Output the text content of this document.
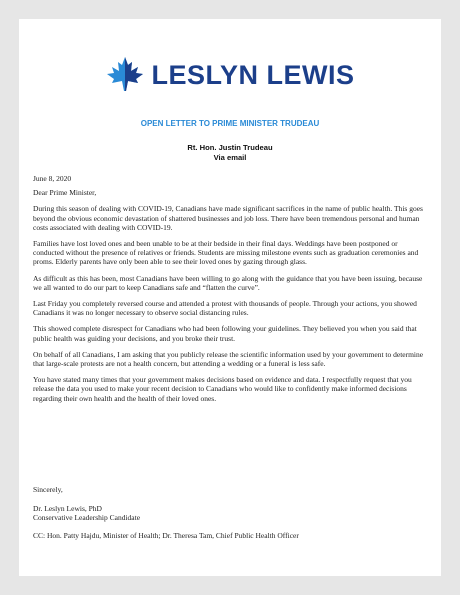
LESLYN LEWIS
OPEN LETTER TO PRIME MINISTER TRUDEAU
Rt. Hon. Justin Trudeau
Via email

June 8, 2020

Dear Prime Minister,

During this season of dealing with COVID-19, Canadians have made significant sacrifices in the name of public health. This goes beyond the obvious economic devastation of shattered businesses and job loss. There have been tremendous personal and human costs associated with dealing with COVID-19.

Families have lost loved ones and been unable to be at their bedside in their final days. Weddings have been postponed or conducted without the presence of relatives or friends. Students are missing milestone events such as graduation ceremonies and proms. Elderly parents have only been able to see their loved ones by gazing through glass.

As difficult as this has been, most Canadians have been willing to go along with the guidance that you have been issuing, because we all wanted to do our part to keep Canadians safe and “flatten the curve”.

Last Friday you completely reversed course and attended a protest with thousands of people. Through your actions, you showed Canadians it was no longer necessary to observe social distancing rules.

This showed complete disrespect for Canadians who had been following your guidelines. They believed you when you said that public health was guiding your decisions, and you broke their trust.

On behalf of all Canadians, I am asking that you publicly release the scientific information used by your government to determine that large-scale protests are not a health concern, but attending a wedding or a funeral is less safe.

You have stated many times that your government makes decisions based on evidence and data. I respectfully request that you release the data you used to make your recent decision to Canadians who would like to confidently make informed decisions regarding their own health and the health of their loved ones.

Sincerely,

Dr. Leslyn Lewis, PhD

Conservative Leadership Candidate

CC: Hon. Patty Hajdu, Minister of Health; Dr. Theresa Tam, Chief Public Health Officer
